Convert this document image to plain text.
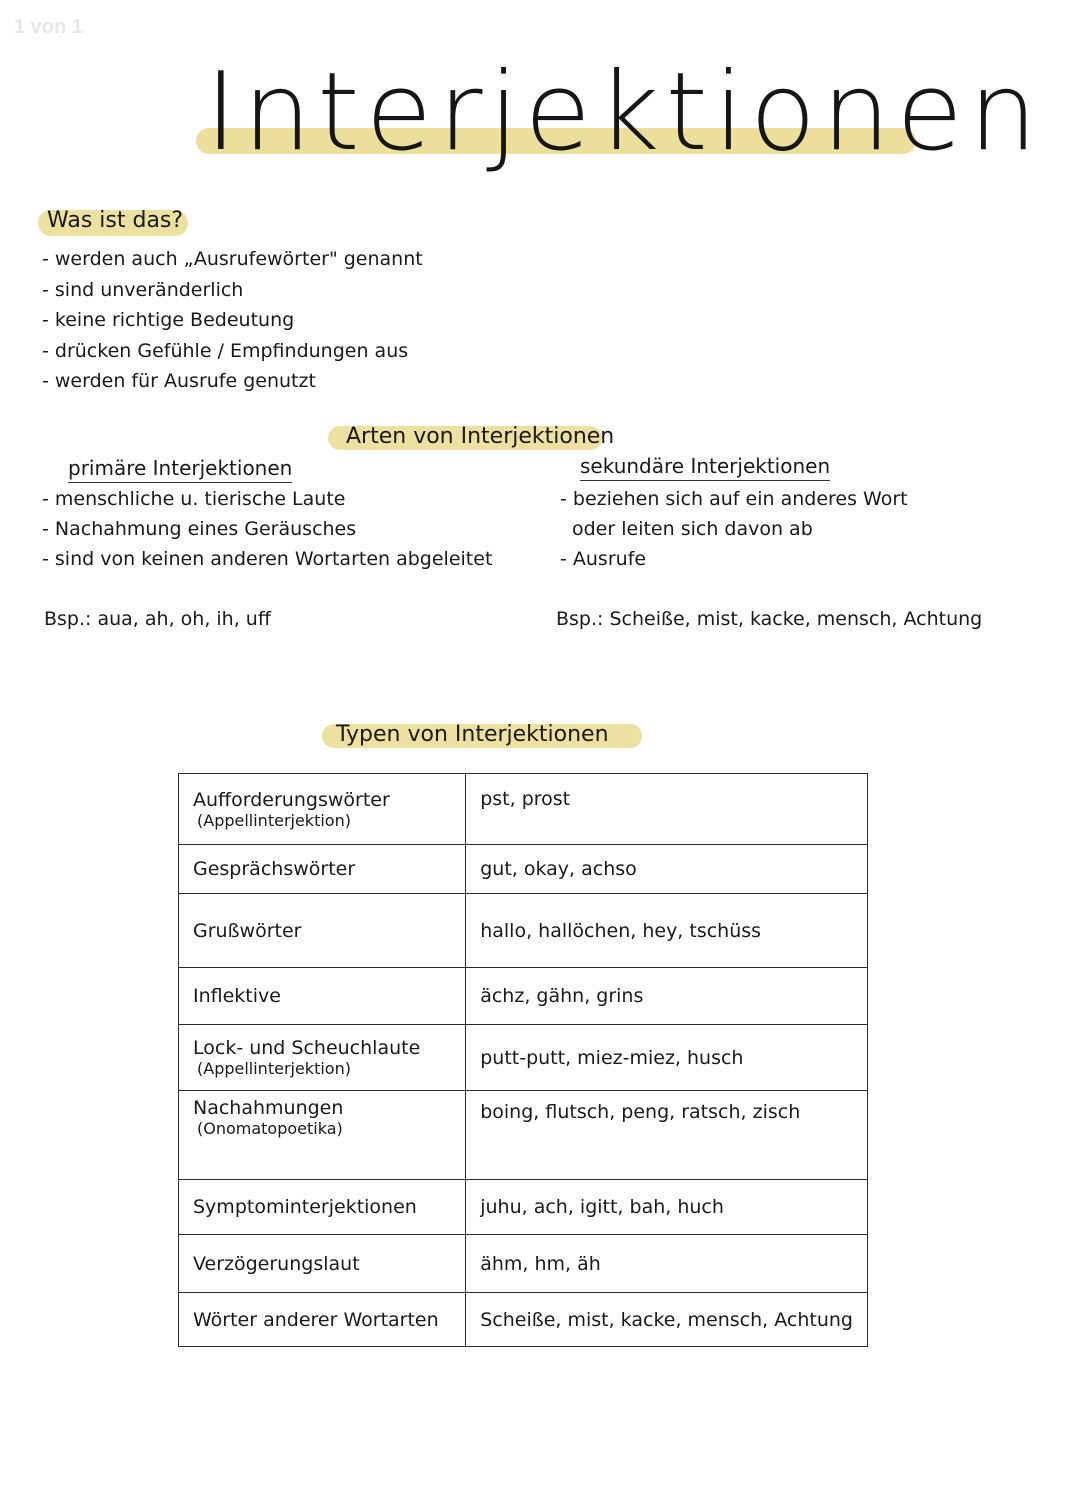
1 von 1
Interjektionen
Was ist das?
- werden auch „Ausrufewörter" genannt
- sind unveränderlich
- keine richtige Bedeutung
- drücken Gefühle / Empfindungen aus
- werden für Ausrufe genutzt
Arten von Interjektionen
primäre Interjektionen
- menschliche u. tierische Laute
- Nachahmung eines Geräusches
- sind von keinen anderen Wortarten abgeleitet
Bsp.: aua, ah, oh, ih, uff
sekundäre Interjektionen
- beziehen sich auf ein anderes Wort
oder leiten sich davon ab
- Ausrufe
Bsp.: Scheiße, mist, kacke, mensch, Achtung
Typen von Interjektionen
Aufforderungswörter
(Appellinterjektion)	pst, prost
Gesprächswörter	gut, okay, achso
Grußwörter	hallo, hallöchen, hey, tschüss
Inflektive	ächz, gähn, grins
Lock- und Scheuchlaute
(Appellinterjektion)	putt-putt, miez-miez, husch
Nachahmungen
(Onomatopoetika)	boing, flutsch, peng, ratsch, zisch
Symptominterjektionen	juhu, ach, igitt, bah, huch
Verzögerungslaut	ähm, hm, äh
Wörter anderer Wortarten	Scheiße, mist, kacke, mensch, Achtung
